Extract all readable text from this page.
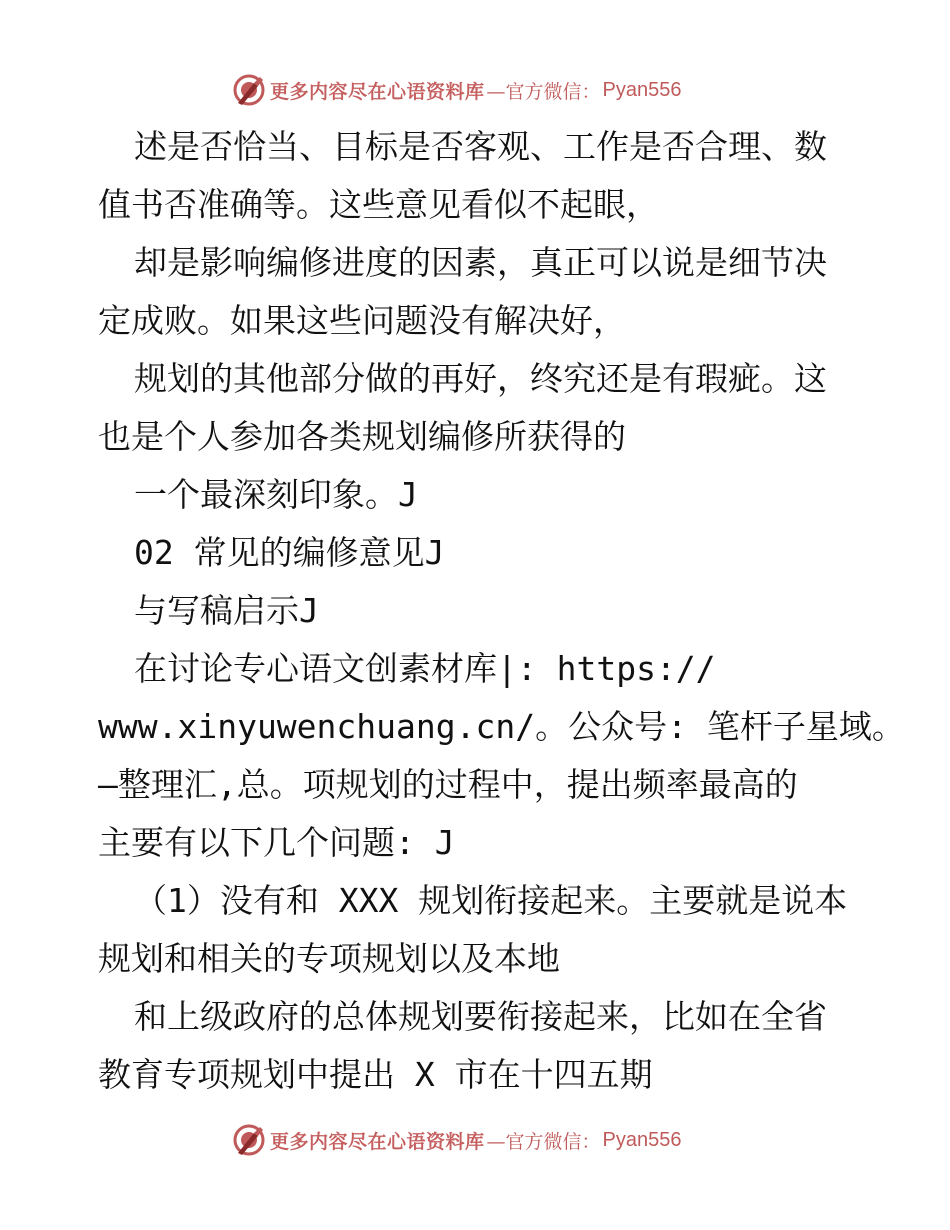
更多内容尽在心语资料库 —官方微信： Pyan556
述是否恰当、目标是否客观、工作是否合理、数
值书否准确等。这些意见看似不起眼，
却是影响编修进度的因素，真正可以说是细节决
定成败。如果这些问题没有解决好，
规划的其他部分做的再好，终究还是有瑕疵。这
也是个人参加各类规划编修所获得的
一个最深刻印象。J
02 常见的编修意见J
与写稿启示J
在讨论专心语文创素材库|: https://
www.xinyuwenchuang.cn/。公众号: 笔杆子星域。
—整理汇,总。项规划的过程中，提出频率最高的
主要有以下几个问题: J
（1）没有和 XXX 规划衔接起来。主要就是说本
规划和相关的专项规划以及本地
和上级政府的总体规划要衔接起来，比如在全省
教育专项规划中提出 X 市在十四五期
更多内容尽在心语资料库 —官方微信： Pyan556
